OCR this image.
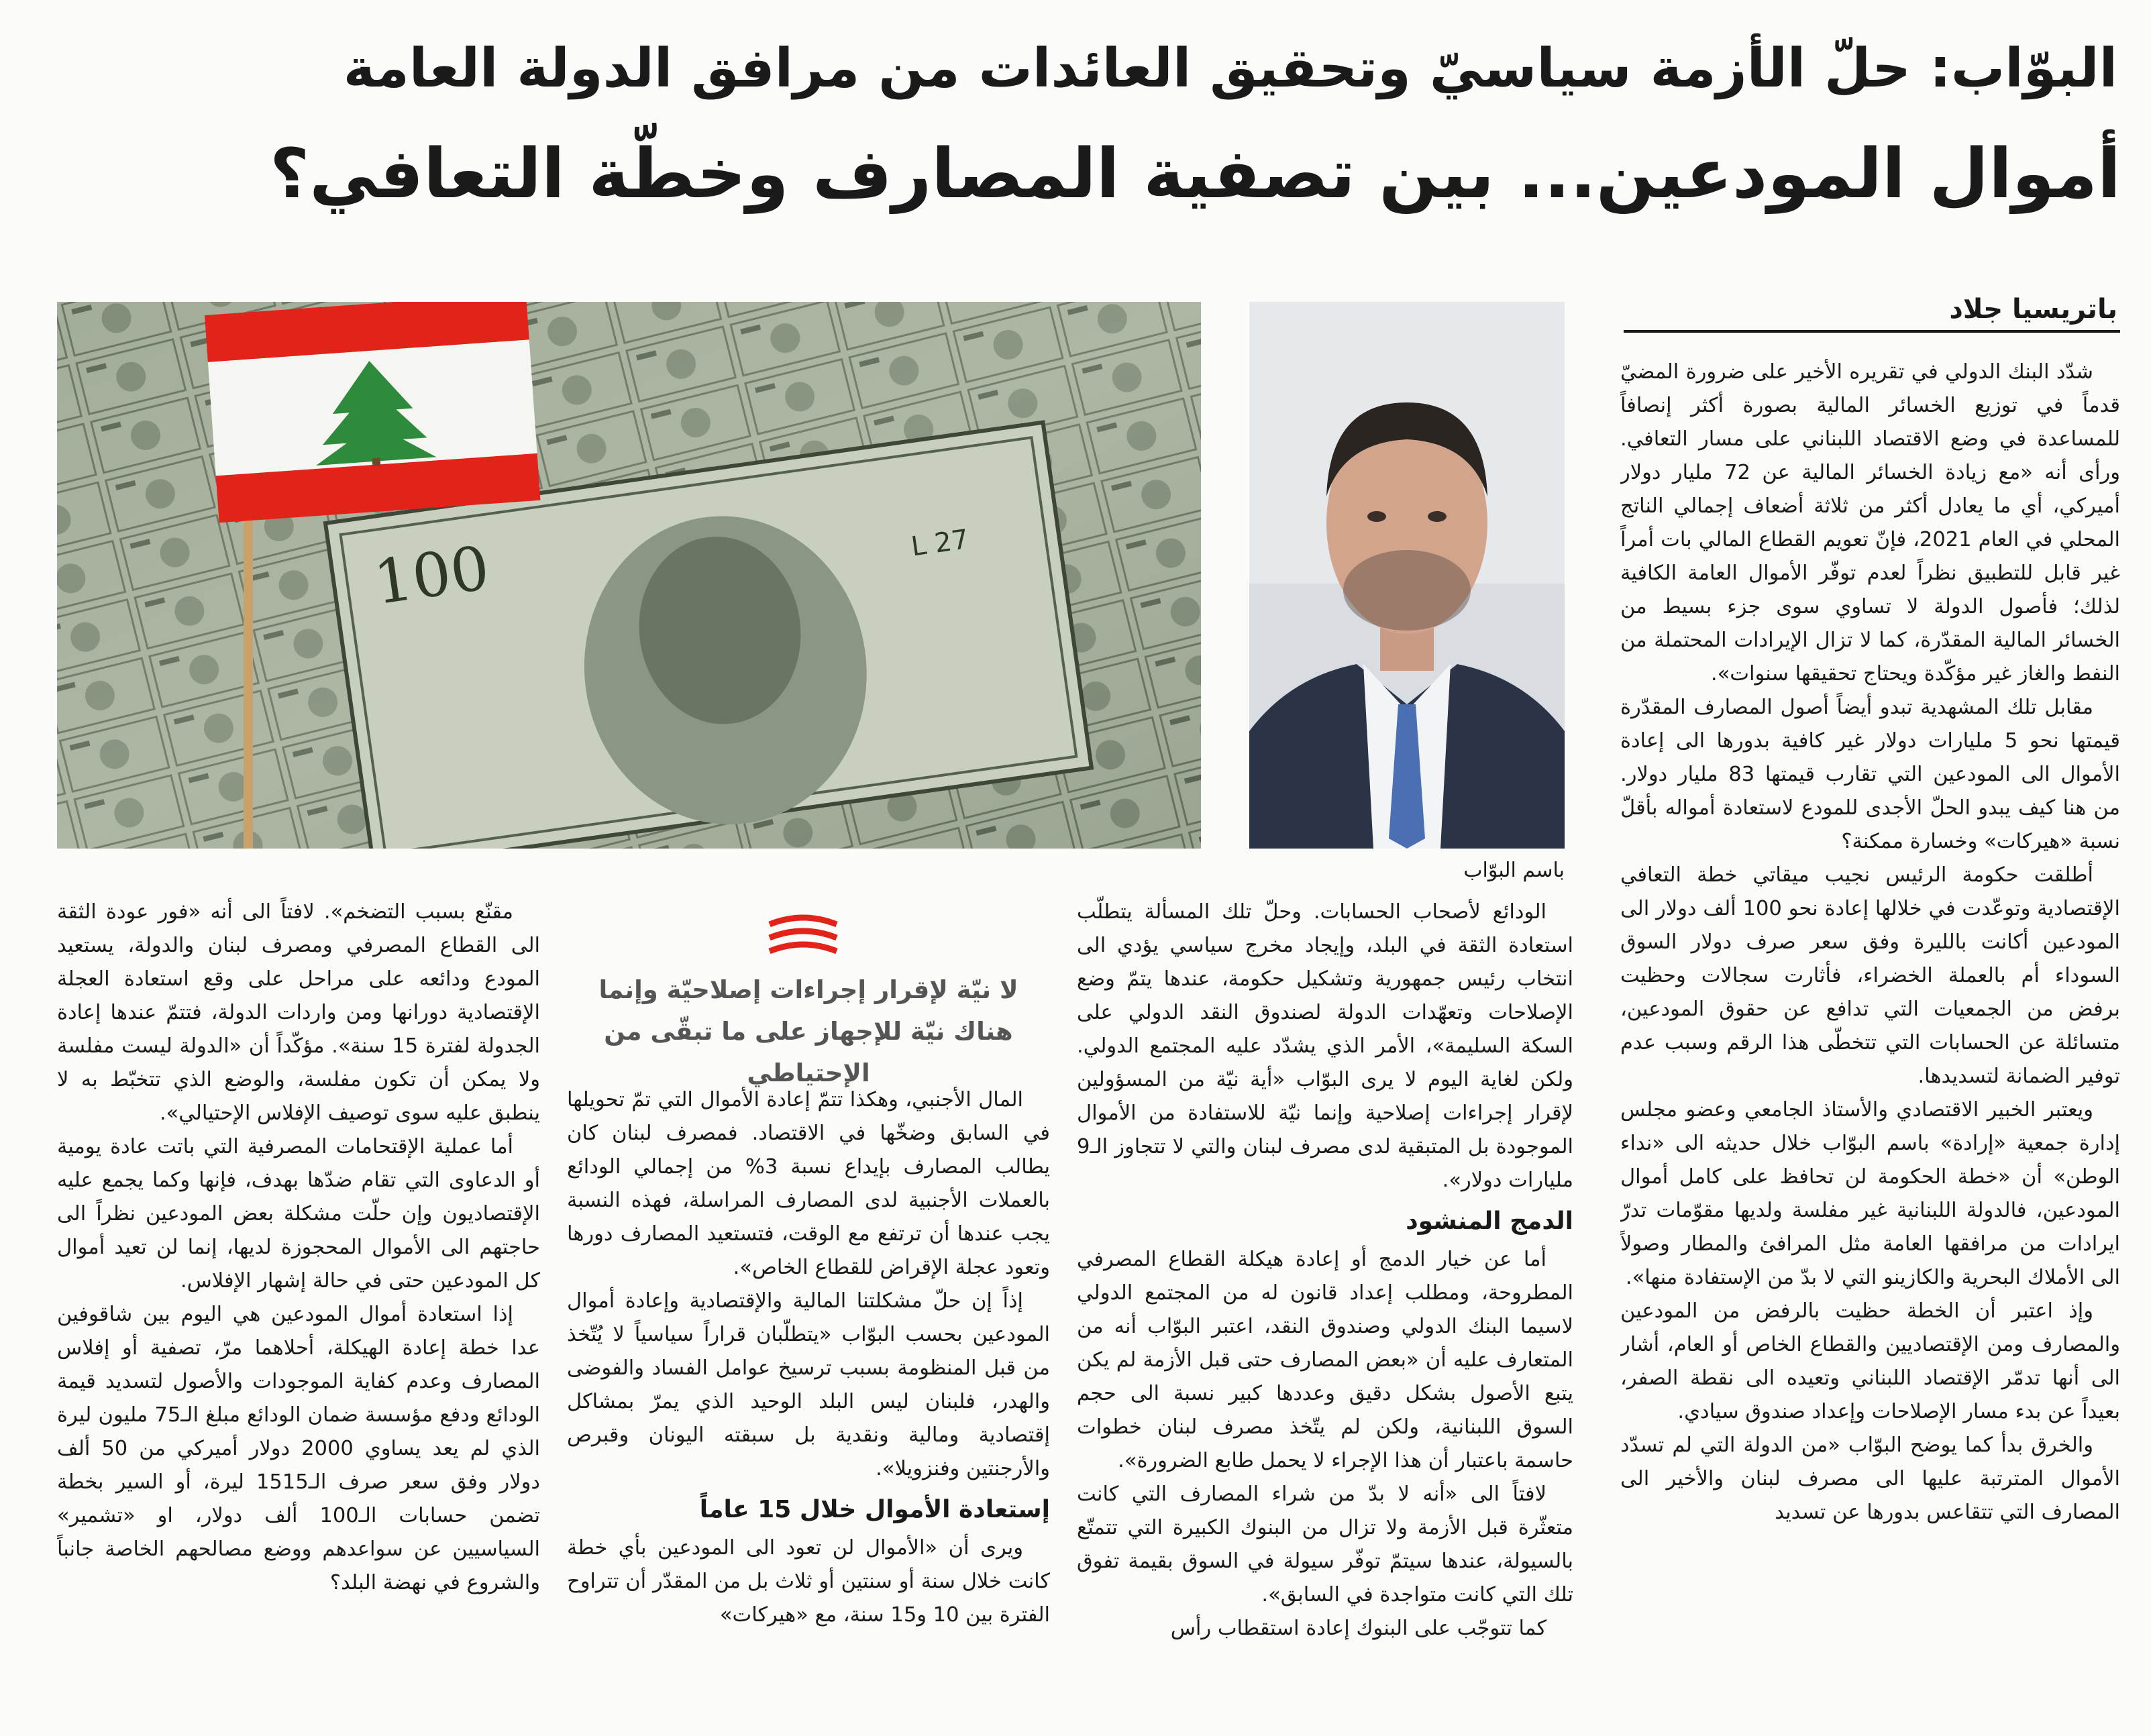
البوّاب: حلّ الأزمة سياسيّ وتحقيق العائدات من مرافق الدولة العامة
أموال المودعين... بين تصفية المصارف وخطّة التعافي؟
100	L 27
باسم البوّاب
باتريسيا جلاد

شدّد البنك الدولي في تقريره الأخير على ضرورة المضيّ قدماً في توزيع الخسائر المالية بصورة أكثر إنصافاً للمساعدة في وضع الاقتصاد اللبناني على مسار التعافي. ورأى أنه «مع زيادة الخسائر المالية عن 72 مليار دولار أميركي، أي ما يعادل أكثر من ثلاثة أضعاف إجمالي الناتج المحلي في العام 2021، فإنّ تعويم القطاع المالي بات أمراً غير قابل للتطبيق نظراً لعدم توفّر الأموال العامة الكافية لذلك؛ فأصول الدولة لا تساوي سوى جزء بسيط من الخسائر المالية المقدّرة، كما لا تزال الإيرادات المحتملة من النفط والغاز غير مؤكّدة ويحتاج تحقيقها سنوات».

مقابل تلك المشهدية تبدو أيضاً أصول المصارف المقدّرة قيمتها نحو 5 مليارات دولار غير كافية بدورها الى إعادة الأموال الى المودعين التي تقارب قيمتها 83 مليار دولار. من هنا كيف يبدو الحلّ الأجدى للمودع لاستعادة أمواله بأقلّ نسبة «هيركات» وخسارة ممكنة؟

أطلقت حكومة الرئيس نجيب ميقاتي خطة التعافي الإقتصادية وتوعّدت في خلالها إعادة نحو 100 ألف دولار الى المودعين أكانت بالليرة وفق سعر صرف دولار السوق السوداء أم بالعملة الخضراء، فأثارت سجالات وحظيت برفض من الجمعيات التي تدافع عن حقوق المودعين، متسائلة عن الحسابات التي تتخطّى هذا الرقم وسبب عدم توفير الضمانة لتسديدها.

ويعتبر الخبير الاقتصادي والأستاذ الجامعي وعضو مجلس إدارة جمعية «إرادة» باسم البوّاب خلال حديثه الى «نداء الوطن» أن «خطة الحكومة لن تحافظ على كامل أموال المودعين، فالدولة اللبنانية غير مفلسة ولديها مقوّمات تدرّ ايرادات من مرافقها العامة مثل المرافئ والمطار وصولاً الى الأملاك البحرية والكازينو التي لا بدّ من الإستفادة منها».

وإذ اعتبر أن الخطة حظيت بالرفض من المودعين والمصارف ومن الإقتصاديين والقطاع الخاص أو العام، أشار الى أنها تدمّر الإقتصاد اللبناني وتعيده الى نقطة الصفر، بعيداً عن بدء مسار الإصلاحات وإعداد صندوق سيادي.

والخرق بدأ كما يوضح البوّاب «من الدولة التي لم تسدّد الأموال المترتبة عليها الى مصرف لبنان والأخير الى المصارف التي تتقاعس بدورها عن تسديد

الودائع لأصحاب الحسابات. وحلّ تلك المسألة يتطلّب استعادة الثقة في البلد، وإيجاد مخرج سياسي يؤدي الى انتخاب رئيس جمهورية وتشكيل حكومة، عندها يتمّ وضع الإصلاحات وتعهّدات الدولة لصندوق النقد الدولي على السكة السليمة»، الأمر الذي يشدّد عليه المجتمع الدولي. ولكن لغاية اليوم لا يرى البوّاب «أية نيّة من المسؤولين لإقرار إجراءات إصلاحية وإنما نيّة للاستفادة من الأموال الموجودة بل المتبقية لدى مصرف لبنان والتي لا تتجاوز الـ9 مليارات دولار».

الدمج المنشود

أما عن خيار الدمج أو إعادة هيكلة القطاع المصرفي المطروحة، ومطلب إعداد قانون له من المجتمع الدولي لاسيما البنك الدولي وصندوق النقد، اعتبر البوّاب أنه من المتعارف عليه أن «بعض المصارف حتى قبل الأزمة لم يكن يتبع الأصول بشكل دقيق وعددها كبير نسبة الى حجم السوق اللبنانية، ولكن لم يتّخذ مصرف لبنان خطوات حاسمة باعتبار أن هذا الإجراء لا يحمل طابع الضرورة».

لافتاً الى «أنه لا بدّ من شراء المصارف التي كانت متعثّرة قبل الأزمة ولا تزال من البنوك الكبيرة التي تتمتّع بالسيولة، عندها سيتمّ توفّر سيولة في السوق بقيمة تفوق تلك التي كانت متواجدة في السابق».

كما تتوجّب على البنوك إعادة استقطاب رأس

لا نيّة لإقرار إجراءات إصلاحيّة وإنما هناك نيّة للإجهاز على ما تبقّى من الإحتياطي

المال الأجنبي، وهكذا تتمّ إعادة الأموال التي تمّ تحويلها في السابق وضخّها في الاقتصاد. فمصرف لبنان كان يطالب المصارف بإيداع نسبة 3% من إجمالي الودائع بالعملات الأجنبية لدى المصارف المراسلة، فهذه النسبة يجب عندها أن ترتفع مع الوقت، فتستعيد المصارف دورها وتعود عجلة الإقراض للقطاع الخاص».

إذاً إن حلّ مشكلتنا المالية والإقتصادية وإعادة أموال المودعين بحسب البوّاب «يتطلّبان قراراً سياسياً لا يُتّخذ من قبل المنظومة بسبب ترسيخ عوامل الفساد والفوضى والهدر، فلبنان ليس البلد الوحيد الذي يمرّ بمشاكل إقتصادية ومالية ونقدية بل سبقته اليونان وقبرص والأرجنتين وفنزويلا».

إستعادة الأموال خلال 15 عاماً

ويرى أن «الأموال لن تعود الى المودعين بأي خطة كانت خلال سنة أو سنتين أو ثلاث بل من المقدّر أن تتراوح الفترة بين 10 و15 سنة، مع «هيركات»

مقنّع بسبب التضخم». لافتاً الى أنه «فور عودة الثقة الى القطاع المصرفي ومصرف لبنان والدولة، يستعيد المودع ودائعه على مراحل على وقع استعادة العجلة الإقتصادية دورانها ومن واردات الدولة، فتتمّ عندها إعادة الجدولة لفترة 15 سنة». مؤكّداً أن «الدولة ليست مفلسة ولا يمكن أن تكون مفلسة، والوضع الذي تتخبّط به لا ينطبق عليه سوى توصيف الإفلاس الإحتيالي».

أما عملية الإقتحامات المصرفية التي باتت عادة يومية أو الدعاوى التي تقام ضدّها بهدف، فإنها وكما يجمع عليه الإقتصاديون وإن حلّت مشكلة بعض المودعين نظراً الى حاجتهم الى الأموال المحجوزة لديها، إنما لن تعيد أموال كل المودعين حتى في حالة إشهار الإفلاس.

إذا استعادة أموال المودعين هي اليوم بين شاقوفين عدا خطة إعادة الهيكلة، أحلاهما مرّ، تصفية أو إفلاس المصارف وعدم كفاية الموجودات والأصول لتسديد قيمة الودائع ودفع مؤسسة ضمان الودائع مبلغ الـ75 مليون ليرة الذي لم يعد يساوي 2000 دولار أميركي من 50 ألف دولار وفق سعر صرف الـ1515 ليرة، أو السير بخطة تضمن حسابات الـ100 ألف دولار، او «تشمير» السياسيين عن سواعدهم ووضع مصالحهم الخاصة جانباً والشروع في نهضة البلد؟
